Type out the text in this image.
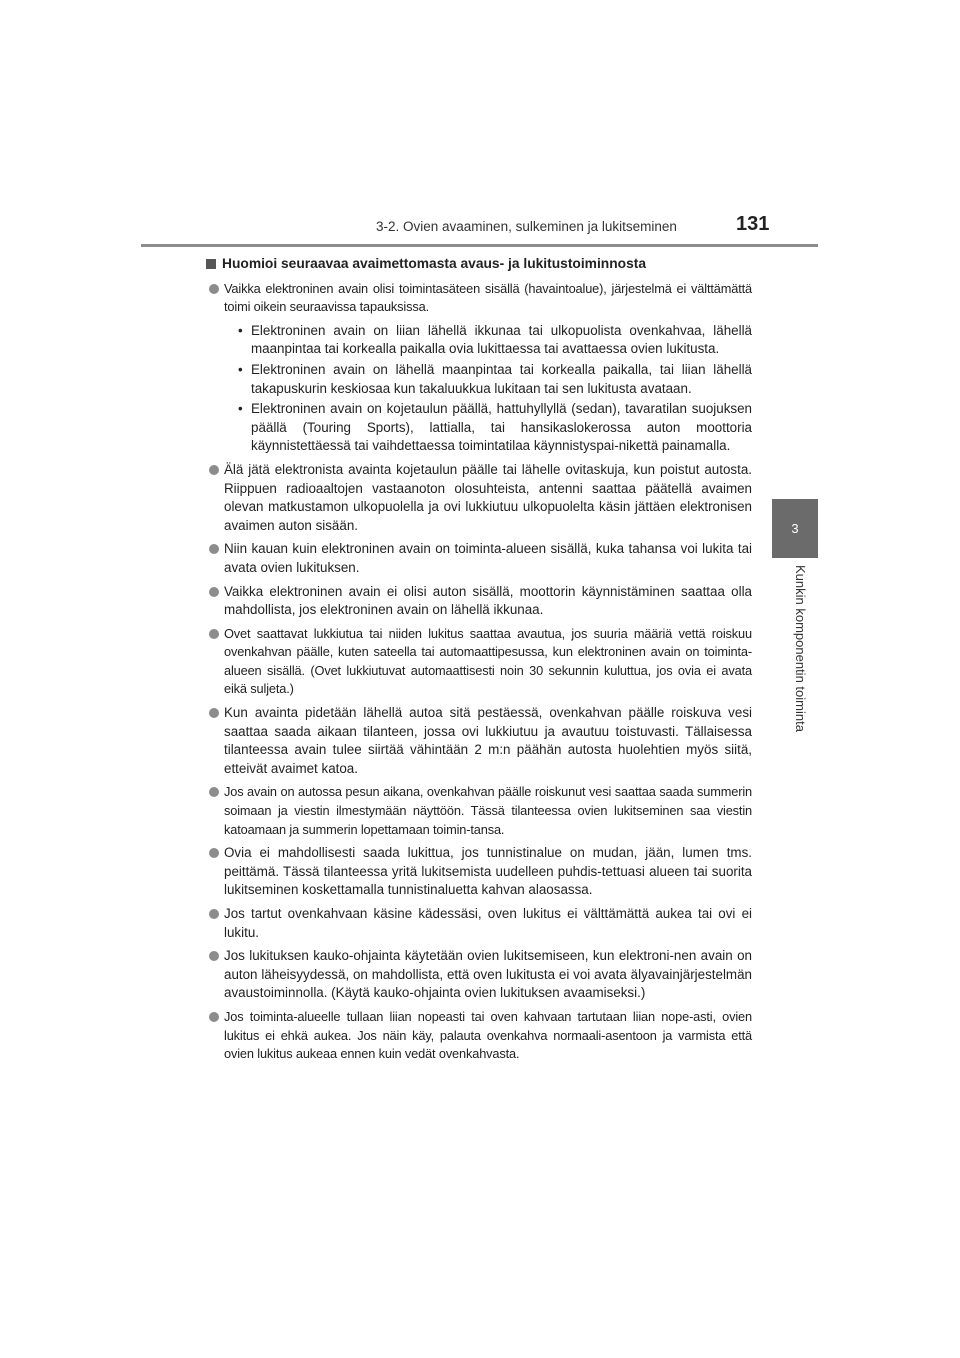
3-2. Ovien avaaminen, sulkeminen ja lukitseminen	131
3
Kunkin komponentin toiminta
Huomioi seuraavaa avaimettomasta avaus- ja lukitustoiminnosta
Vaikka elektroninen avain olisi toimintasäteen sisällä (havaintoalue), järjestelmä ei välttämättä toimi oikein seuraavissa tapauksissa.
• Elektroninen avain on liian lähellä ikkunaa tai ulkopuolista ovenkahvaa, lähellä maanpintaa tai korkealla paikalla ovia lukittaessa tai avattaessa ovien lukitusta.
• Elektroninen avain on lähellä maanpintaa tai korkealla paikalla, tai liian lähellä takapuskurin keskiosaa kun takaluukkua lukitaan tai sen lukitusta avataan.
• Elektroninen avain on kojetaulun päällä, hattuhyllyllä (sedan), tavaratilan suojuksen päällä (Touring Sports), lattialla, tai hansikaslokerossa auton moottoria käynnistettäessä tai vaihdettaessa toimintatilaa käynnistyspai-nikettä painamalla.
Älä jätä elektronista avainta kojetaulun päälle tai lähelle ovitaskuja, kun poistut autosta. Riippuen radioaaltojen vastaanoton olosuhteista, antenni saattaa päätellä avaimen olevan matkustamon ulkopuolella ja ovi lukkiutuu ulkopuolelta käsin jättäen elektronisen avaimen auton sisään.
Niin kauan kuin elektroninen avain on toiminta-alueen sisällä, kuka tahansa voi lukita tai avata ovien lukituksen.
Vaikka elektroninen avain ei olisi auton sisällä, moottorin käynnistäminen saattaa olla mahdollista, jos elektroninen avain on lähellä ikkunaa.
Ovet saattavat lukkiutua tai niiden lukitus saattaa avautua, jos suuria määriä vettä roiskuu ovenkahvan päälle, kuten sateella tai automaattipesussa, kun elektroninen avain on toiminta-alueen sisällä. (Ovet lukkiutuvat automaattisesti noin 30 sekunnin kuluttua, jos ovia ei avata eikä suljeta.)
Kun avainta pidetään lähellä autoa sitä pestäessä, ovenkahvan päälle roiskuva vesi saattaa saada aikaan tilanteen, jossa ovi lukkiutuu ja avautuu toistuvasti. Tällaisessa tilanteessa avain tulee siirtää vähintään 2 m:n päähän autosta huolehtien myös siitä, etteivät avaimet katoa.
Jos avain on autossa pesun aikana, ovenkahvan päälle roiskunut vesi saattaa saada summerin soimaan ja viestin ilmestymään näyttöön. Tässä tilanteessa ovien lukitseminen saa viestin katoamaan ja summerin lopettamaan toimin-tansa.
Ovia ei mahdollisesti saada lukittua, jos tunnistinalue on mudan, jään, lumen tms. peittämä. Tässä tilanteessa yritä lukitsemista uudelleen puhdis-tettuasi alueen tai suorita lukitseminen koskettamalla tunnistinaluetta kahvan alaosassa.
Jos tartut ovenkahvaan käsine kädessäsi, oven lukitus ei välttämättä aukea tai ovi ei lukitu.
Jos lukituksen kauko-ohjainta käytetään ovien lukitsemiseen, kun elektroni-nen avain on auton läheisyydessä, on mahdollista, että oven lukitusta ei voi avata älyavainjärjestelmän avaustoiminnolla. (Käytä kauko-ohjainta ovien lukituksen avaamiseksi.)
Jos toiminta-alueelle tullaan liian nopeasti tai oven kahvaan tartutaan liian nope-asti, ovien lukitus ei ehkä aukea. Jos näin käy, palauta ovenkahva normaali-asentoon ja varmista että ovien lukitus aukeaa ennen kuin vedät ovenkahvasta.
